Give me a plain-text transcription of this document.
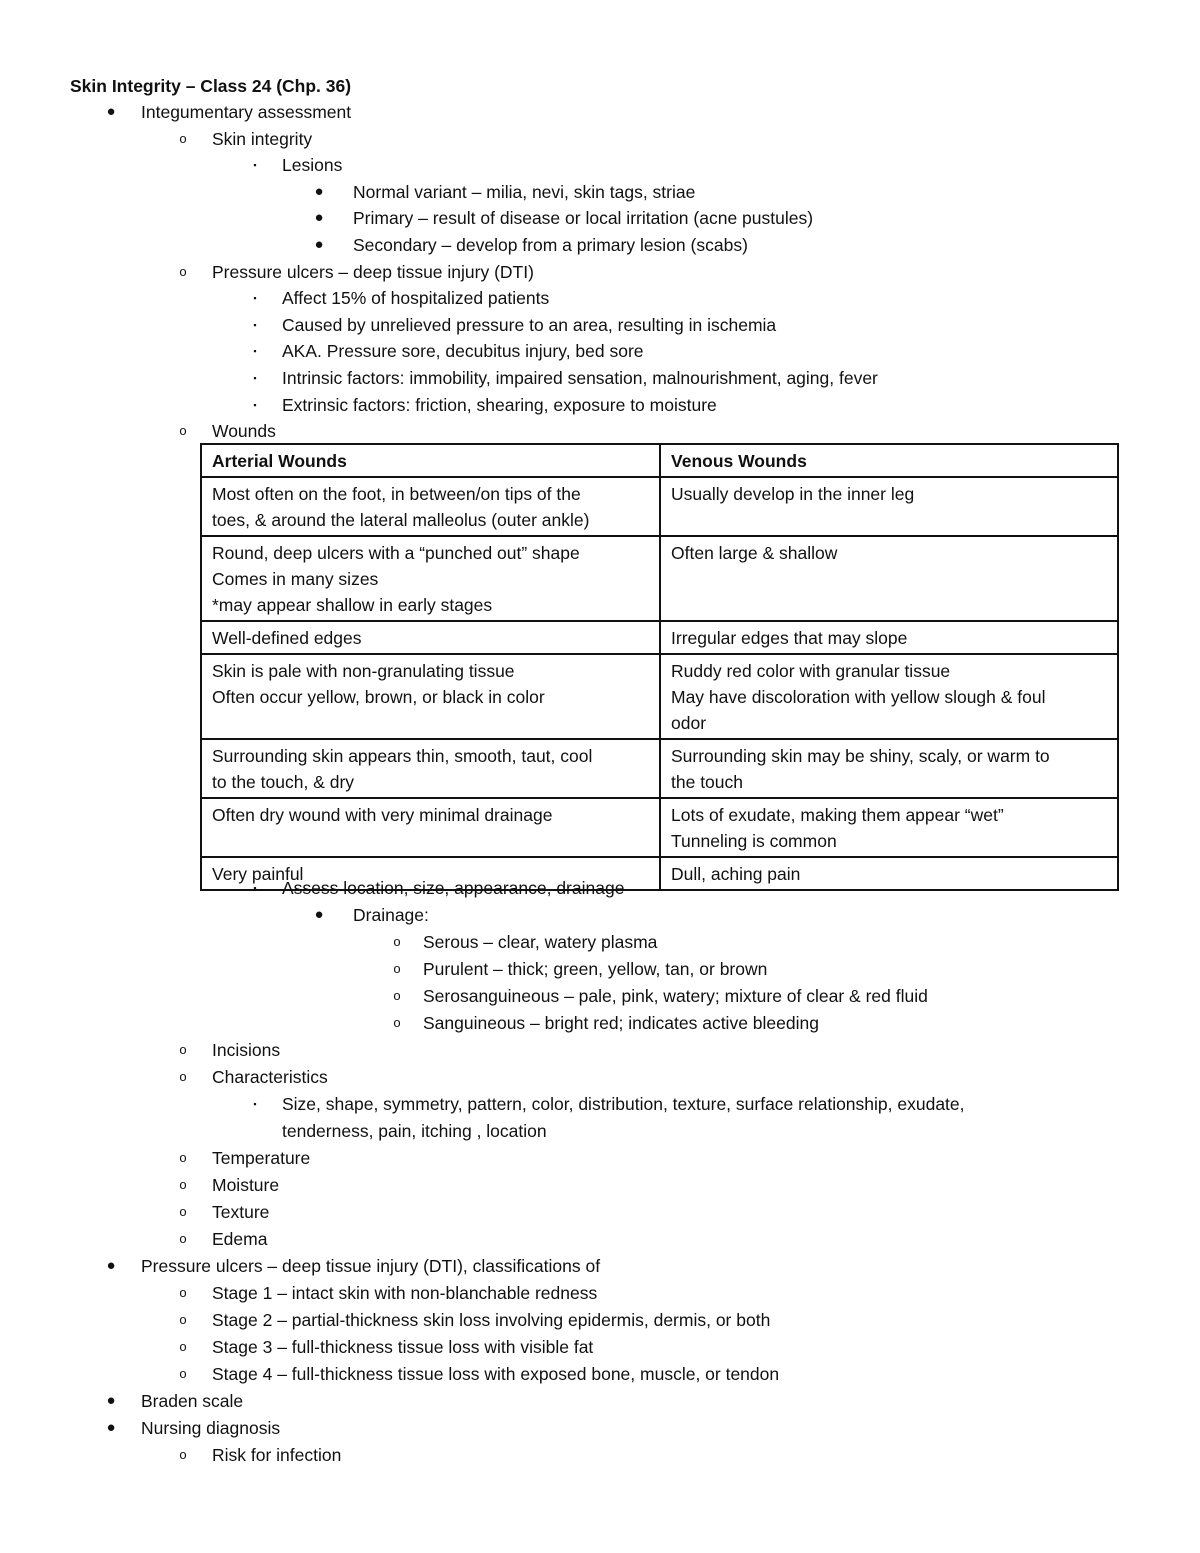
Skin Integrity – Class 24 (Chp. 36)
● Integumentary assessment
o Skin integrity
▪ Lesions
● Normal variant – milia, nevi, skin tags, striae
● Primary – result of disease or local irritation (acne pustules)
● Secondary – develop from a primary lesion (scabs)
o Pressure ulcers – deep tissue injury (DTI)
▪ Affect 15% of hospitalized patients
▪ Caused by unrelieved pressure to an area, resulting in ischemia
▪ AKA. Pressure sore, decubitus injury, bed sore
▪ Intrinsic factors: immobility, impaired sensation, malnourishment, aging, fever
▪ Extrinsic factors: friction, shearing, exposure to moisture
o Wounds
Arterial Wounds	Venous Wounds

Most often on the foot, in between/on tips of the
toes, & around the lateral malleolus (outer ankle)	Usually develop in the inner leg

Round, deep ulcers with a “punched out” shape
Comes in many sizes
*may appear shallow in early stages	Often large & shallow

Well-defined edges	Irregular edges that may slope

Skin is pale with non-granulating tissue
Often occur yellow, brown, or black in color	Ruddy red color with granular tissue
May have discoloration with yellow slough & foul
odor

Surrounding skin appears thin, smooth, taut, cool
to the touch, & dry	Surrounding skin may be shiny, scaly, or warm to
the touch

Often dry wound with very minimal drainage	Lots of exudate, making them appear “wet”
Tunneling is common

Very painful	Dull, aching pain
▪ Assess location, size, appearance, drainage
● Drainage:
o Serous – clear, watery plasma
o Purulent – thick; green, yellow, tan, or brown
o Serosanguineous – pale, pink, watery; mixture of clear & red fluid
o Sanguineous – bright red; indicates active bleeding
o Incisions
o Characteristics
▪ Size, shape, symmetry, pattern, color, distribution, texture, surface relationship, exudate,
tenderness, pain, itching , location
o Temperature
o Moisture
o Texture
o Edema
● Pressure ulcers – deep tissue injury (DTI), classifications of
o Stage 1 – intact skin with non-blanchable redness
o Stage 2 – partial-thickness skin loss involving epidermis, dermis, or both
o Stage 3 – full-thickness tissue loss with visible fat
o Stage 4 – full-thickness tissue loss with exposed bone, muscle, or tendon
● Braden scale
● Nursing diagnosis
o Risk for infection
